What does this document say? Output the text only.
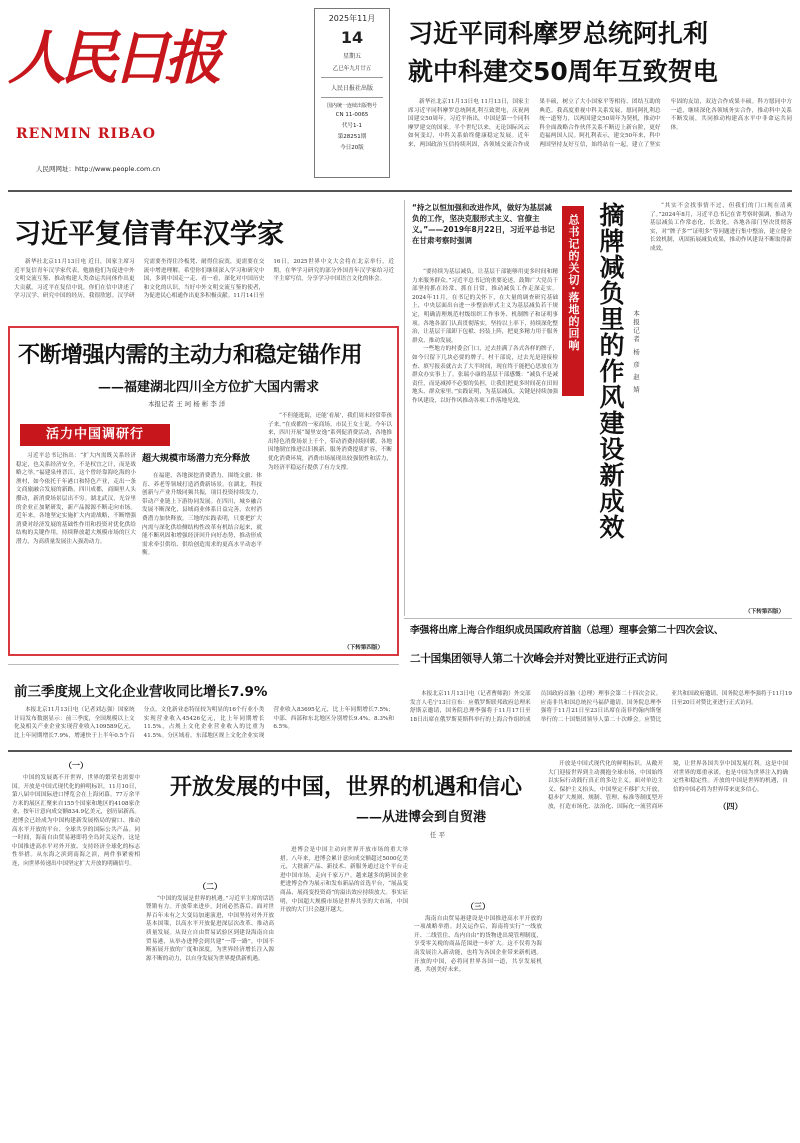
人民日报
RENMIN RIBAO
人民网网址：http://www.people.com.cn
2025年11月
14
星期五
乙巳年九月廿五
人民日报社出版
国内统一连续出版物号
CN 11-0065
代号1-1
第28251期
今日20版
习近平同科摩罗总统阿扎利
就中科建交50周年互致贺电

新华社北京11月13日电 11月13日，国家主席习近平同科摩罗总统阿扎利互致贺电，庆祝两国建交50周年。习近平指出，中国是第一个同科摩罗建交的国家。半个世纪以来，无论国际风云如何变幻，中科关系始终健康稳定发展。近年来，两国政治互信持续巩固，各领域交流合作成果丰硕，树立了大小国家平等相待、团结互助的典范。我高度重视中科关系发展，愿同阿扎利总统一道努力，以两国建交50周年为契机，推动中科全面战略合作伙伴关系不断迈上新台阶，更好造福两国人民。阿扎利表示，建交50年来，科中两国坚持友好互信，始终站在一起，建立了坚实牢固的友谊，双边合作成果丰硕。科方愿同中方一道，继续深化各领域务实合作，推动科中关系不断发展，共同推动构建高水平中非命运共同体。

习近平复信青年汉学家

新华社北京11月13日电 近日，国家主席习近平复信青年汉学家代表，勉励他们为促进中外文明交流互鉴、推动构建人类命运共同体作出更大贡献。习近平在复信中说，你们在信中讲述了学习汉学、研究中国的经历，我很欣慰。汉学研究需要坐得住冷板凳、耐得住寂寞，更需要在交流中增进理解。希望你们继续深入学习和研究中国，多到中国走一走、看一看，深化对中国历史和文化的认识，当好中外文明交流互鉴的使者，为促进民心相通作出更多积极贡献。11月14日至16日，2025世界中文大会将在北京举行。近期，在华学习研究的部分外国青年汉学家给习近平主席写信，分享学习中国语言文化的体会。

不断增强内需的主动力和稳定锚作用
——福建湖北四川全方位扩大国内需求
本报记者 王 珂 杨 彬 李 洋
活力中国调研行

习近平总书记指出：“扩大内需既关系经济稳定，也关系经济安全，不是权宜之计，而是战略之举。”福建泉州晋江，这个曾经靠海吃海的小渔村，如今依托千年港口和特色产业，走出一条文商旅融合发展的新路。四川成都，商圈里人头攒动，新消费场景层出不穷。湖北武汉，光谷里的企业正加紧研发，新产品源源不断走向市场。近年来，各地坚定实施扩大内需战略，不断增强消费对经济发展的基础性作用和投资对优化供给结构的关键作用，持续释放超大规模市场的巨大潜力，为高质量发展注入强劲动力。

超大规模市场潜力充分释放

在福建，各地深挖消费潜力，围绕文旅、体育、养老等领域打造消费新场景。在湖北，科技创新与产业升级同频共振，项目投资持续发力，带动产业链上下游协同发展。在四川，城乡融合发展不断深化，县域商业体系日益完善，农村消费潜力加快释放。三地的实践表明，只要把扩大内需与深化供给侧结构性改革有机结合起来，就能不断巩固和增强经济回升向好态势，推动形成需求牵引供给、供给创造需求的更高水平动态平衡。

“不但能逛街，还能‘看展’，我们周末经常带孩子来。”在成都的一家商场，市民王女士说。今年以来，四川开展“蜀里安逸”系列促消费活动，各地推出特色消费场景上千个，带动消费持续回暖。各地因地制宜推进以旧换新、服务消费提质扩容，不断优化消费环境，消费市场展现出较强韧性和活力，为经济平稳运行提供了有力支撑。

（下转第四版）
“持之以恒加强和改进作风，做好为基层减负的工作，坚决克服形式主义、官僚主义。”——2019年8月22日，习近平总书记在甘肃考察时强调

“要持续为基层减负，让基层干部能够用更多时间和精力来服务群众。”习近平总书记的重要论述，鼓舞广大党员干部坚持抓在经常、抓在日常，推动减负工作走深走实。2024年11月，在书记的关怀下，在大量的调查研究基础上，中央层面出台进一步整治形式主义为基层减负若干规定，明确清理规范村级组织工作事务、机制牌子和证明事项。各地各部门认真贯彻落实，坚持以上率下，持续深化整治，让基层干部卸下包袱、轻装上阵，把更多精力用于服务群众、推动发展。

一些地方的村委会门口，过去挂满了各式各样的牌子，如今只留下几块必要的牌子。村干部说，过去光是迎接检查、填写报表就占去了大半时间，现在终于能把心思放在为群众办实事上了。张瑞小康的基层干部感慨：“减负不是减责任，而是减掉不必要的负担，让我们把更多时间花在田间地头、群众家里。”实践证明，为基层减负，关键是持续加强作风建设，以好作风推动各项工作落地见效。

总书记的关切·落地的回响 摘牌减负里的作风建设新成效	本报记者 杨 彦 赵 婧

“其实不会找事情不过，但我们的门口现在清爽了。”2024年8月，习近平总书记在省考察时强调，推动为基层减负工作常态化、长效化。各地各部门坚决贯彻落实，对“牌子多”“证明多”等问题进行集中整治，建立健全长效机制，巩固拓展减负成果，推动作风建设不断取得新成效。

（下转第四版）
李强将出席上海合作组织成员国政府首脑（总理）理事会第二十四次会议、
二十国集团领导人第二十次峰会并对赞比亚进行正式访问

本报北京11月13日电（记者曹师韵）外交部发言人毛宁13日宣布：应俄罗斯联邦政府总理米舒斯京邀请，国务院总理李强将于11月17日至18日出席在俄罗斯莫斯科举行的上海合作组织成员国政府首脑（总理）理事会第二十四次会议。应南非共和国总统拉马福萨邀请，国务院总理李强将于11月21日至23日出席在南非约翰内斯堡举行的二十国集团领导人第二十次峰会。应赞比亚共和国政府邀请，国务院总理李强将于11月19日至20日对赞比亚进行正式访问。

前三季度规上文化企业营收同比增长7.9%

本报北京11月13日电（记者刘志强）国家统计局发布数据显示：前三季度，全国规模以上文化及相关产业企业实现营业收入109589亿元，比上年同期增长7.9%，增速快于上半年0.5个百分点。文化新业态特征较为明显的16个行业小类实现营业收入45426亿元，比上年同期增长11.5%，占规上文化企业营业收入的比重为41.5%。分区域看，东部地区规上文化企业实现营业收入83695亿元，比上年同期增长7.5%；中部、西部和东北地区分别增长9.4%、8.3%和6.5%。

（一）

中国的发展离不开世界，世界的繁荣也需要中国。开放是中国式现代化的鲜明标识。11月10日，第八届中国国际进口博览会在上海闭幕。77万余平方米的展区汇聚来自155个国家和地区的4108家企业，按年计意向成交额834.9亿美元，创历届新高。进博会已经成为中国构建新发展格局的窗口、推动高水平开放的平台、全球共享的国际公共产品。同一时间，海南自由贸易港即将全岛封关运作，这是中国推进高水平对外开放、支持经济全球化的标志性举措。从东海之滨到南海之滨，两件事紧密相连，向世界传递出中国坚定扩大开放的明确信号。

开放发展的中国，世界的机遇和信心
——从进博会到自贸港
任 平
（二）

“中国的发展是世界的机遇。”习近平主席的话语铿锵有力。开放带来进步，封闭必然落后。面对世界百年未有之大变局加速演进，中国坚持对外开放基本国策，以高水平开放促进深层次改革、推动高质量发展。从设立自由贸易试验区到建设海南自由贸易港，从举办进博会到共建“一带一路”，中国不断拓展开放的广度和深度，为世界经济增长注入源源不断的动力，以自身发展为世界提供新机遇。

进博会是中国主动向世界开放市场的重大举措。八年来，进博会累计意向成交额超过5000亿美元，大批新产品、新技术、新服务通过这个平台走进中国市场，走向千家万户。越来越多的跨国企业把进博会作为展示和发布新品的首选平台，“展品变商品、展商变投资商”的溢出效应持续放大。事实证明，中国超大规模市场是世界共享的大市场，中国开放的大门只会越开越大。	（三）

海南自由贸易港建设是中国推进高水平开放的一项战略举措。封关运作后，海南将实行“一线放开、二线管住、岛内自由”的货物进出境管理制度，享受零关税的商品范围进一步扩大。这不仅将为海南发展注入新动能，也将为各国企业带来新机遇。开放的中国，必将同世界各国一道，共享发展机遇，共创美好未来。

开放是中国式现代化的鲜明标识。从敞开大门迎接世界到主动拥抱全球市场，中国始终以实际行动践行真正的多边主义。面对单边主义、保护主义抬头，中国坚定不移扩大开放，稳步扩大规则、规制、管理、标准等制度型开放，打造市场化、法治化、国际化一流营商环境，让世界各国共享中国发展红利。这是中国对世界的郑重承诺，也是中国为世界注入的确定性和稳定性。开放的中国是世界的机遇，自信的中国必将为世界带来更多信心。

（四）
